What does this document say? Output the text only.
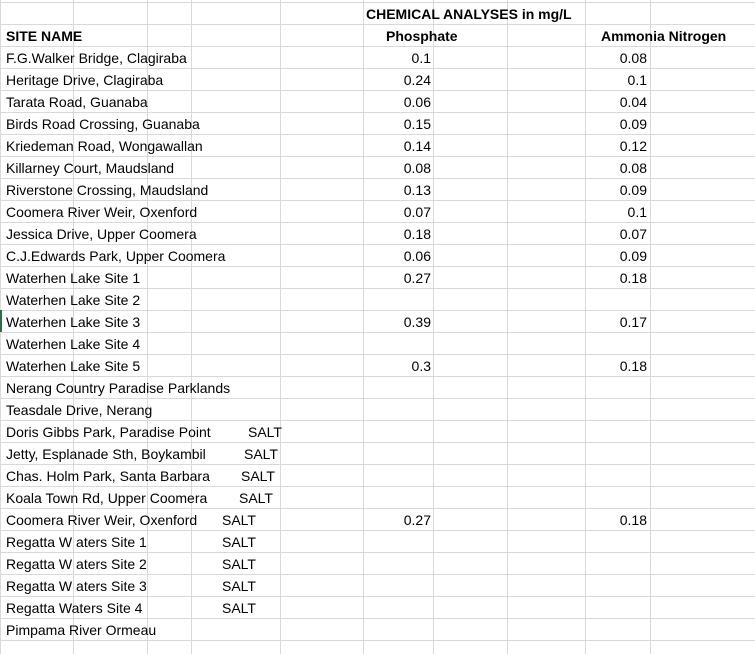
CHEMICAL ANALYSES in mg/L
SITE NAME	Phosphate	Ammonia Nitrogen
F.G.Walker Bridge, Clagiraba	0.1	0.08
Heritage Drive, Clagiraba	0.24	0.1
Tarata Road, Guanaba	0.06	0.04
Birds Road Crossing, Guanaba	0.15	0.09
Kriedeman Road, Wongawallan	0.14	0.12
Killarney Court, Maudsland	0.08	0.08
Riverstone Crossing, Maudsland	0.13	0.09
Coomera River Weir, Oxenford	0.07	0.1
Jessica Drive, Upper Coomera	0.18	0.07
C.J.Edwards Park, Upper Coomera	0.06	0.09
Waterhen Lake Site 1	0.27	0.18
Waterhen Lake Site 2
Waterhen Lake Site 3	0.39	0.17
Waterhen Lake Site 4
Waterhen Lake Site 5	0.3	0.18
Nerang Country Paradise Parklands
Teasdale Drive, Nerang
Doris Gibbs Park, Paradise Point	SALT
Jetty, Esplanade Sth, Boykambil	SALT
Chas. Holm Park, Santa Barbara SALT
Koala Town Rd, Upper Coomera SALT
Coomera River Weir, Oxenford SALT	0.27	0.18
Regatta W aters Site 1	SALT
Regatta W aters Site 2	SALT
Regatta W aters Site 3	SALT
Regatta Waters Site 4	SALT
Pimpama River Ormeau
